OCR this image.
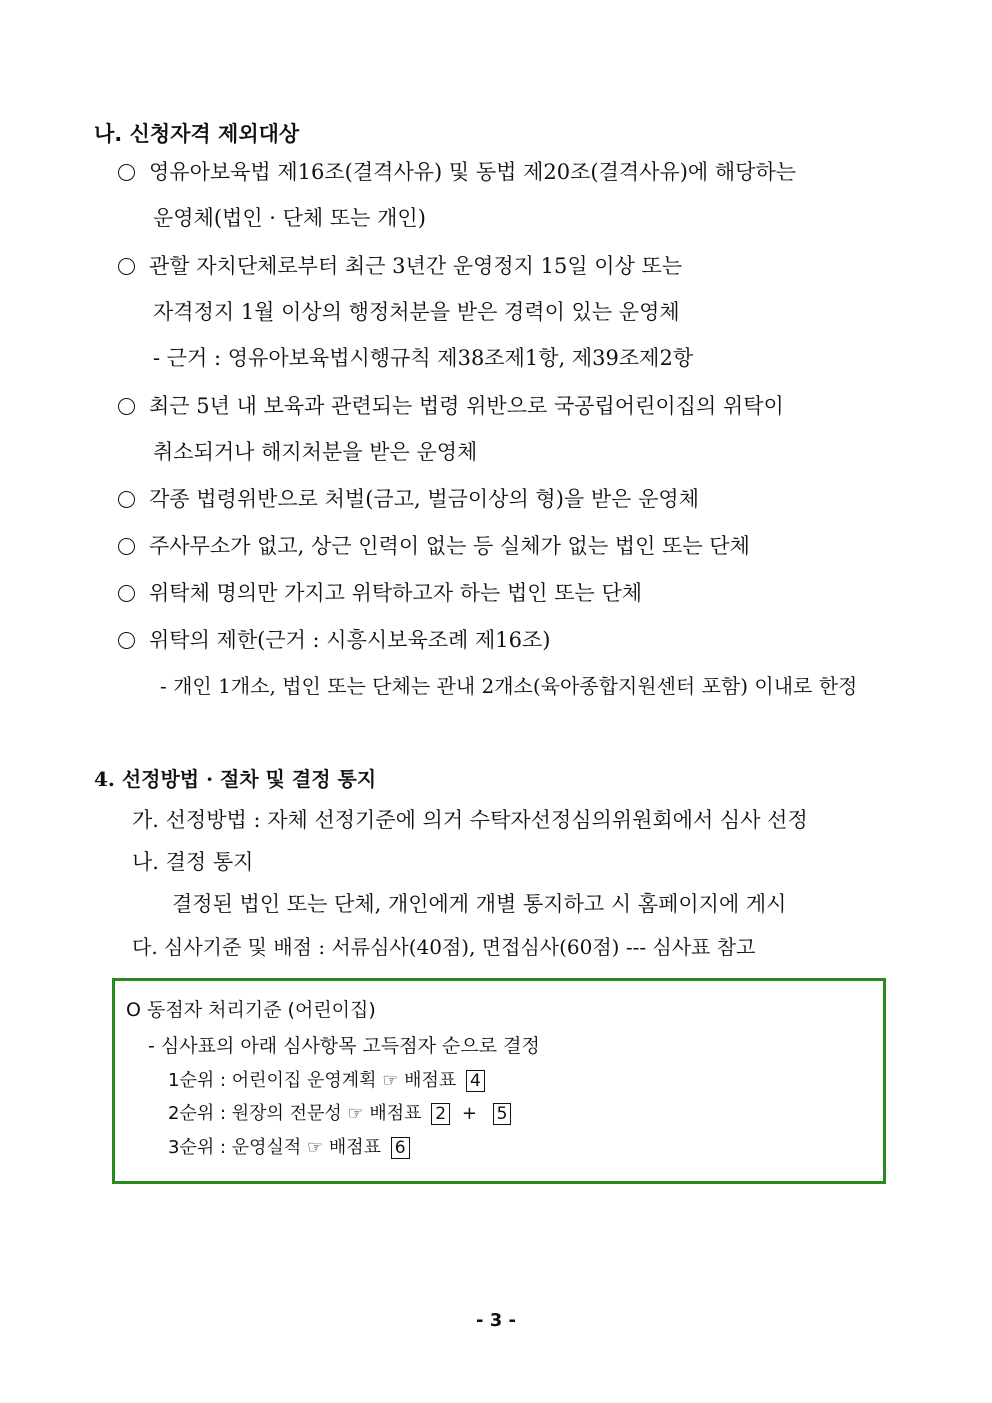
나. 신청자격 제외대상
영유아보육법 제16조(결격사유) 및 동법 제20조(결격사유)에 해당하는
운영체(법인 · 단체 또는 개인)
관할 자치단체로부터 최근 3년간 운영정지 15일 이상 또는
자격정지 1월 이상의 행정처분을 받은 경력이 있는 운영체
- 근거 : 영유아보육법시행규칙 제38조제1항, 제39조제2항
최근 5년 내 보육과 관련되는 법령 위반으로 국공립어린이집의 위탁이
취소되거나 해지처분을 받은 운영체
각종 법령위반으로 처벌(금고, 벌금이상의 형)을 받은 운영체
주사무소가 없고, 상근 인력이 없는 등 실체가 없는 법인 또는 단체
위탁체 명의만 가지고 위탁하고자 하는 법인 또는 단체
위탁의 제한(근거 : 시흥시보육조례 제16조)
- 개인 1개소, 법인 또는 단체는 관내 2개소(육아종합지원센터 포함) 이내로 한정
4. 선정방법 · 절차 및 결정 통지
가. 선정방법 : 자체 선정기준에 의거 수탁자선정심의위원회에서 심사 선정
나. 결정 통지
결정된 법인 또는 단체, 개인에게 개별 통지하고 시 홈페이지에 게시
다. 심사기준 및 배점 : 서류심사(40점), 면접심사(60점) --- 심사표 참고
O 동점자 처리기준 (어린이집)
- 심사표의 아래 심사항목 고득점자 순으로 결정
1순위 : 어린이집 운영계획 ☞ 배점표 4
2순위 : 원장의 전문성 ☞ 배점표 2 + 5
3순위 : 운영실적 ☞ 배점표 6
- 3 -
